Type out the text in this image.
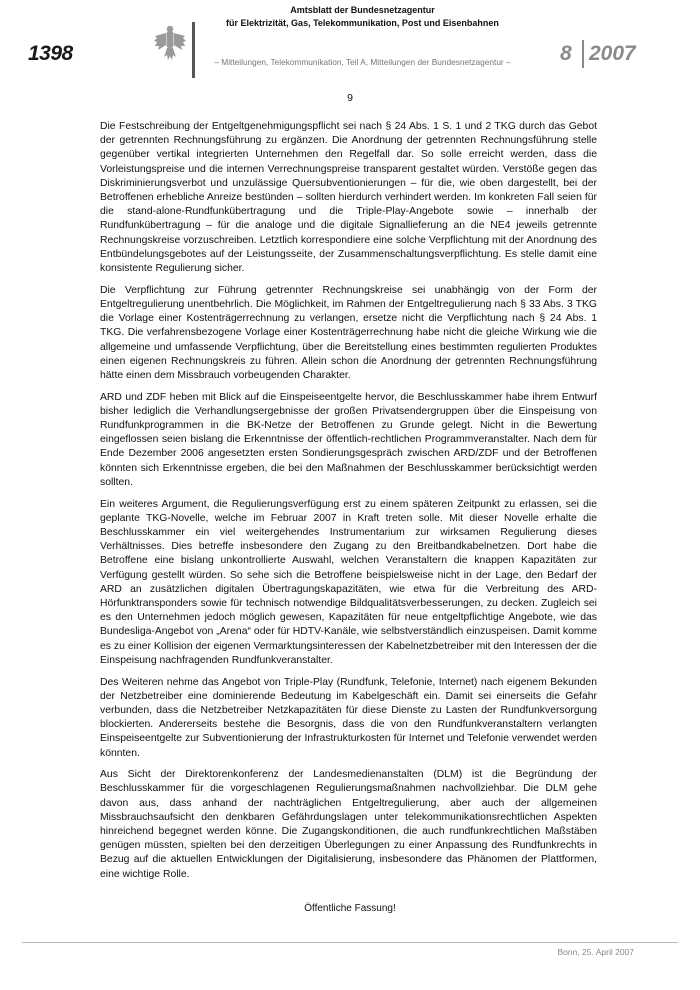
1398
Amtsblatt der Bundesnetzagentur
für Elektrizität, Gas, Telekommunikation, Post und Eisenbahnen
– Mitteilungen, Telekommunikation, Teil A, Mitteilungen der Bundesnetzagentur –	8 2007
9

Die Festschreibung der Entgeltgenehmigungspflicht sei nach § 24 Abs. 1 S. 1 und 2 TKG durch das Gebot der getrennten Rechnungsführung zu ergänzen. Die Anordnung der getrennten Rechnungsführung stelle gegenüber vertikal integrierten Unternehmen den Regelfall dar. So solle erreicht werden, dass die Vorleistungspreise und die internen Verrechnungspreise transparent gestaltet würden. Verstöße gegen das Diskriminierungsverbot und unzulässige Quersubventionierungen – für die, wie oben dargestellt, bei der Betroffenen erhebliche Anreize bestünden – sollten hierdurch verhindert werden. Im konkreten Fall seien für die stand-alone-Rundfunkübertragung und die Triple-Play-Angebote sowie – innerhalb der Rundfunkübertragung – für die analoge und die digitale Signallieferung an die NE4 jeweils getrennte Rechnungskreise vorzuschreiben. Letztlich korrespondiere eine solche Verpflichtung mit der Anordnung des Entbündelungsgebotes auf der Leistungsseite, der Zusammenschaltungsverpflichtung. Es stelle damit eine konsistente Regulierung sicher.

Die Verpflichtung zur Führung getrennter Rechnungskreise sei unabhängig von der Form der Entgeltregulierung unentbehrlich. Die Möglichkeit, im Rahmen der Entgeltregulierung nach § 33 Abs. 3 TKG die Vorlage einer Kostenträgerrechnung zu verlangen, ersetze nicht die Verpflichtung nach § 24 Abs. 1 TKG. Die verfahrensbezogene Vorlage einer Kostenträgerrechnung habe nicht die gleiche Wirkung wie die allgemeine und umfassende Verpflichtung, über die Bereitstellung eines bestimmten regulierten Produktes einen eigenen Rechnungskreis zu führen. Allein schon die Anordnung der getrennten Rechnungsführung hätte einen dem Missbrauch vorbeugenden Charakter.

ARD und ZDF heben mit Blick auf die Einspeiseentgelte hervor, die Beschlusskammer habe ihrem Entwurf bisher lediglich die Verhandlungsergebnisse der großen Privatsendergruppen über die Einspeisung von Rundfunkprogrammen in die BK-Netze der Betroffenen zu Grunde gelegt. Nicht in die Bewertung eingeflossen seien bislang die Erkenntnisse der öffentlich-rechtlichen Programmveranstalter. Nach dem für Ende Dezember 2006 angesetzten ersten Sondierungsgespräch zwischen ARD/ZDF und der Betroffenen könnten sich Erkenntnisse ergeben, die bei den Maßnahmen der Beschlusskammer berücksichtigt werden sollten.

Ein weiteres Argument, die Regulierungsverfügung erst zu einem späteren Zeitpunkt zu erlassen, sei die geplante TKG-Novelle, welche im Februar 2007 in Kraft treten solle. Mit dieser Novelle erhalte die Beschlusskammer ein viel weitergehendes Instrumentarium zur wirksamen Regulierung dieses Verhältnisses. Dies betreffe insbesondere den Zugang zu den Breitbandkabelnetzen. Dort habe die Betroffene eine bislang unkontrollierte Auswahl, welchen Veranstaltern die knappen Kapazitäten zur Verfügung gestellt würden. So sehe sich die Betroffene beispielsweise nicht in der Lage, den Bedarf der ARD an zusätzlichen digitalen Übertragungskapazitäten, wie etwa für die Verbreitung des ARD-Hörfunktransponders sowie für technisch notwendige Bildqualitätsverbesserungen, zu decken. Zugleich sei es den Unternehmen jedoch möglich gewesen, Kapazitäten für neue entgeltpflichtige Angebote, wie das Bundesliga-Angebot von „Arena“ oder für HDTV-Kanäle, wie selbstverständlich einzuspeisen. Damit komme es zu einer Kollision der eigenen Vermarktungsinteressen der Kabelnetzbetreiber mit den Interessen der die Einspeisung nachfragenden Rundfunkveranstalter.

Des Weiteren nehme das Angebot von Triple-Play (Rundfunk, Telefonie, Internet) nach eigenem Bekunden der Netzbetreiber eine dominierende Bedeutung im Kabelgeschäft ein. Damit sei einerseits die Gefahr verbunden, dass die Netzbetreiber Netzkapazitäten für diese Dienste zu Lasten der Rundfunkversorgung blockierten. Andererseits bestehe die Besorgnis, dass die von den Rundfunkveranstaltern verlangten Einspeiseentgelte zur Subventionierung der Infrastrukturkosten für Internet und Telefonie verwendet werden könnten.

Aus Sicht der Direktorenkonferenz der Landesmedienanstalten (DLM) ist die Begründung der Beschlusskammer für die vorgeschlagenen Regulierungsmaßnahmen nachvollziehbar. Die DLM gehe davon aus, dass anhand der nachträglichen Entgeltregulierung, aber auch der allgemeinen Missbrauchsaufsicht den denkbaren Gefährdungslagen unter telekommunikationsrechtlichen Aspekten hinreichend begegnet werden könne. Die Zugangskonditionen, die auch rundfunkrechtlichen Maßstäben genügen müssten, spielten bei den derzeitigen Überlegungen zu einer Anpassung des Rundfunkrechts in Bezug auf die aktuellen Entwicklungen der Digitalisierung, insbesondere das Phänomen der Plattformen, eine wichtige Rolle.

Öffentliche Fassung!
Bonn, 25. April 2007
